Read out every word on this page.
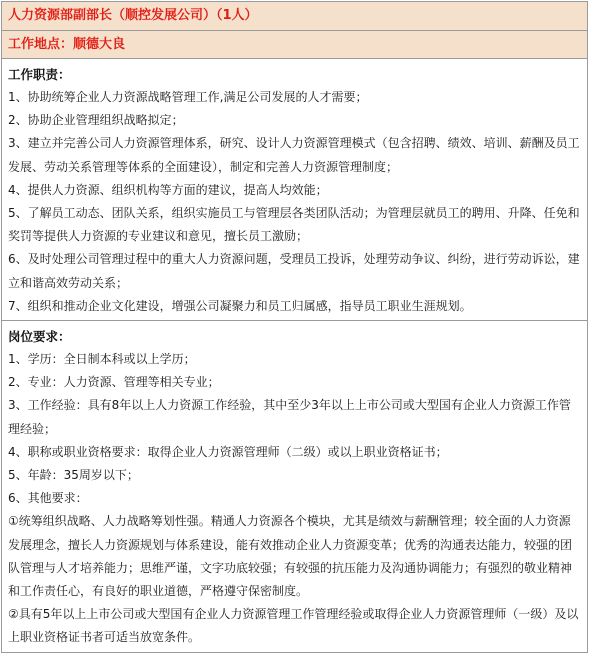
人力资源部副部长（顺控发展公司）（1人）
工作地点：顺德大良

工作职责：
1、协助统筹企业人力资源战略管理工作,满足公司发展的人才需要；
2、协助企业管理组织战略拟定；
3、建立并完善公司人力资源管理体系，研究、设计人力资源管理模式（包含招聘、绩效、培训、薪酬及员工发展、劳动关系管理等体系的全面建设），制定和完善人力资源管理制度；
4、提供人力资源、组织机构等方面的建议，提高人均效能；
5、了解员工动态、团队关系，组织实施员工与管理层各类团队活动；为管理层就员工的聘用、升降、任免和奖罚等提供人力资源的专业建议和意见，擅长员工激励；
6、及时处理公司管理过程中的重大人力资源问题，受理员工投诉，处理劳动争议、纠纷，进行劳动诉讼，建立和谐高效劳动关系；
7、组织和推动企业文化建设，增强公司凝聚力和员工归属感，指导员工职业生涯规划。

岗位要求：
1、学历：全日制本科或以上学历；
2、专业：人力资源、管理等相关专业；
3、工作经验：具有8年以上人力资源工作经验，其中至少3年以上上市公司或大型国有企业人力资源工作管理经验；
4、职称或职业资格要求：取得企业人力资源管理师（二级）或以上职业资格证书；
5、年龄：35周岁以下；
6、其他要求：
①统筹组织战略、人力战略筹划性强。精通人力资源各个模块，尤其是绩效与薪酬管理；较全面的人力资源发展理念，擅长人力资源规划与体系建设，能有效推动企业人力资源变革；优秀的沟通表达能力，较强的团队管理与人才培养能力；思维严谨，文字功底较强；有较强的抗压能力及沟通协调能力；有强烈的敬业精神和工作责任心，有良好的职业道德，严格遵守保密制度。
②具有5年以上上市公司或大型国有企业人力资源管理工作管理经验或取得企业人力资源管理师（一级）及以上职业资格证书者可适当放宽条件。
